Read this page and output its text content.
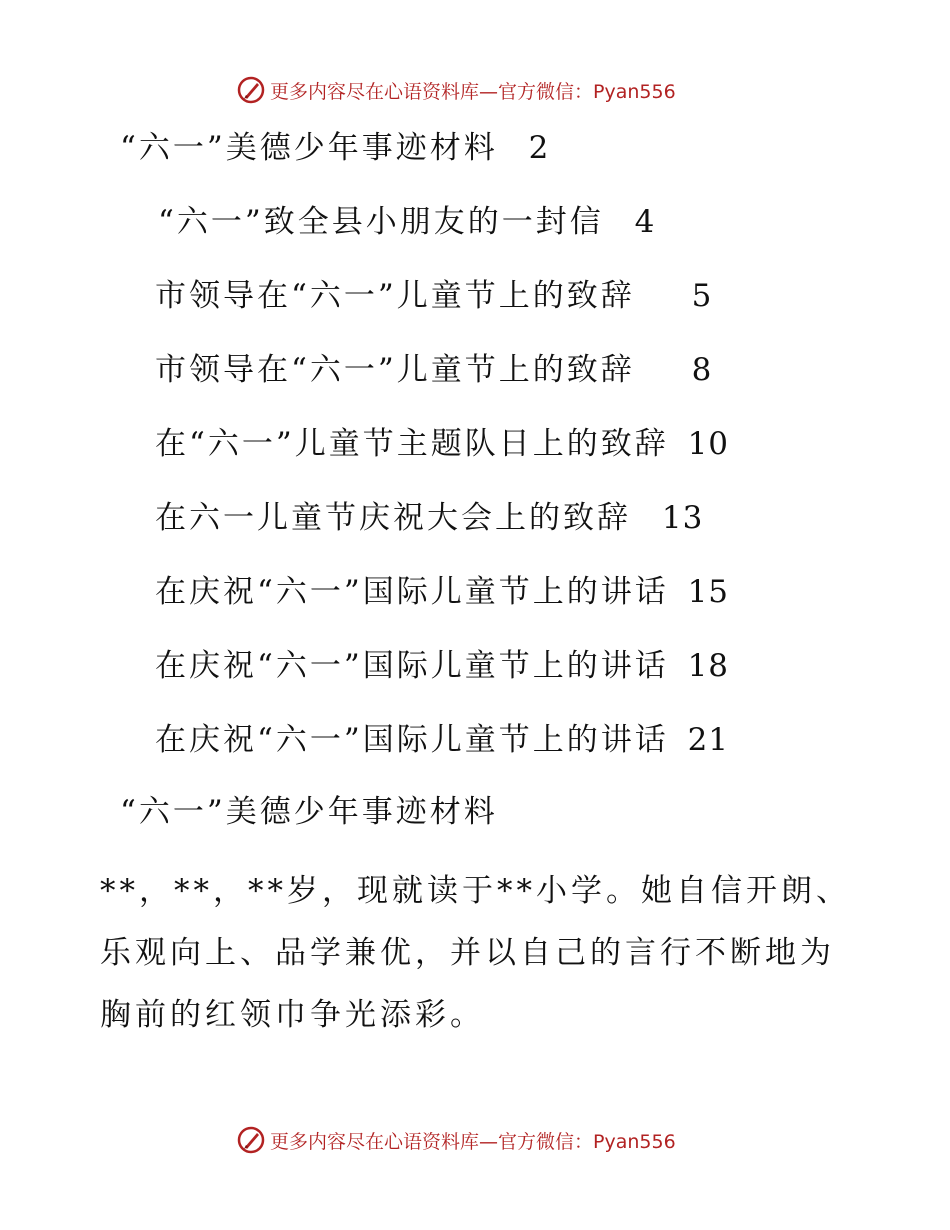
更多内容尽在心语资料库—官方微信：Pyan556
“六一”美德少年事迹材料 2
“六一”致全县小朋友的一封信 4
市领导在“六一”儿童节上的致辞 5
市领导在“六一”儿童节上的致辞 8
在“六一”儿童节主题队日上的致辞 10
在六一儿童节庆祝大会上的致辞 13
在庆祝“六一”国际儿童节上的讲话 15
在庆祝“六一”国际儿童节上的讲话 18
在庆祝“六一”国际儿童节上的讲话 21
“六一”美德少年事迹材料
**，**，**岁，现就读于**小学。她自信开朗、乐观向上、品学兼优，并以自己的言行不断地为胸前的红领巾争光添彩。
更多内容尽在心语资料库—官方微信：Pyan556
